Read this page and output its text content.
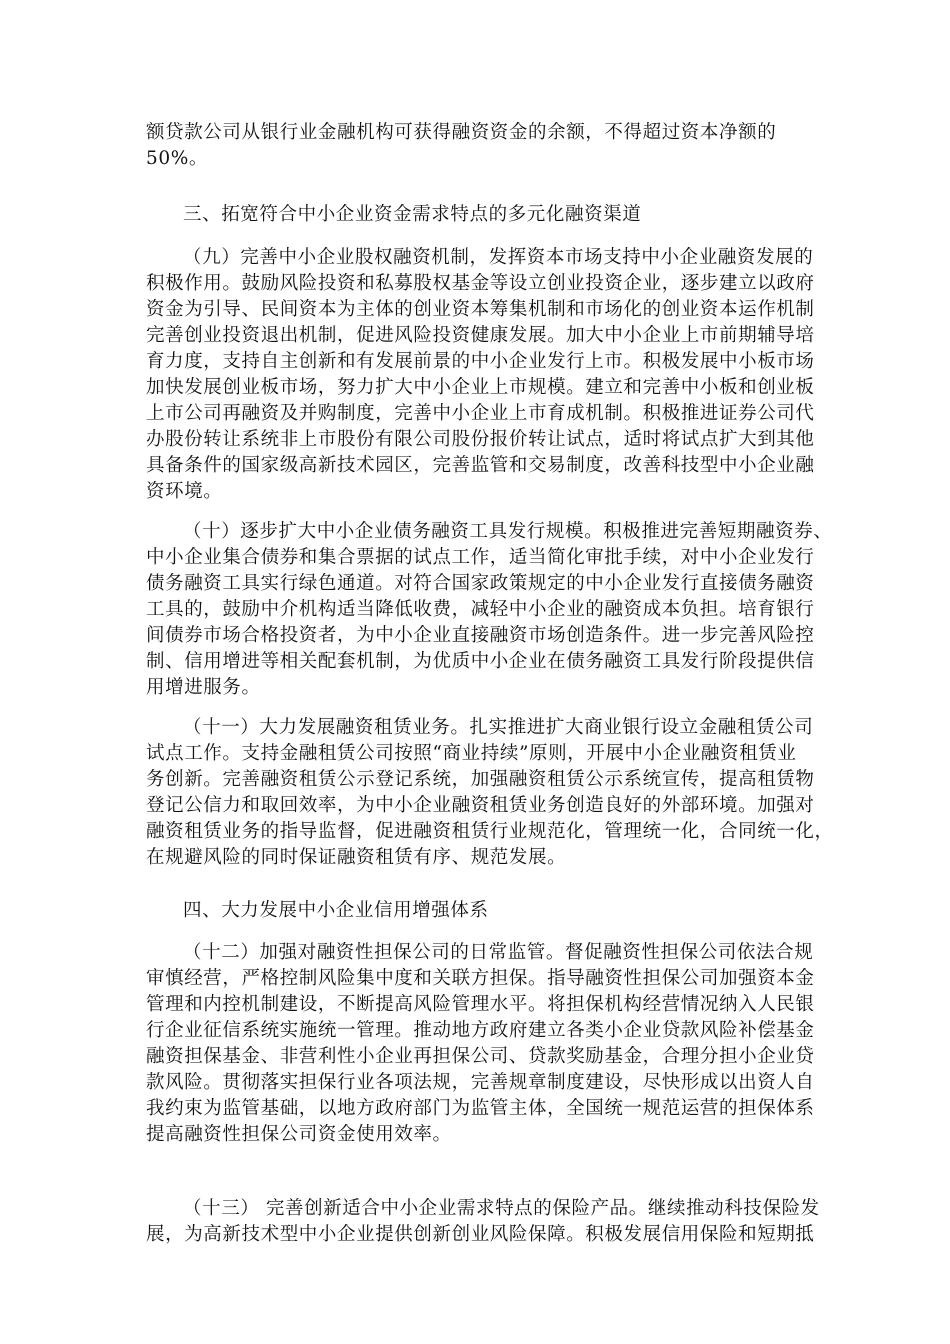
额贷款公司从银行业金融机构可获得融资资金的余额，不得超过资本净额的
50%。
三、拓宽符合中小企业资金需求特点的多元化融资渠道
（九）完善中小企业股权融资机制，发挥资本市场支持中小企业融资发展的
积极作用。鼓励风险投资和私募股权基金等设立创业投资企业，逐步建立以政府
资金为引导、民间资本为主体的创业资本筹集机制和市场化的创业资本运作机制
完善创业投资退出机制，促进风险投资健康发展。加大中小企业上市前期辅导培
育力度，支持自主创新和有发展前景的中小企业发行上市。积极发展中小板市场
加快发展创业板市场，努力扩大中小企业上市规模。建立和完善中小板和创业板
上市公司再融资及并购制度，完善中小企业上市育成机制。积极推进证券公司代
办股份转让系统非上市股份有限公司股份报价转让试点，适时将试点扩大到其他
具备条件的国家级高新技术园区，完善监管和交易制度，改善科技型中小企业融
资环境。
（十）逐步扩大中小企业债务融资工具发行规模。积极推进完善短期融资券、
中小企业集合债券和集合票据的试点工作，适当简化审批手续，对中小企业发行
债务融资工具实行绿色通道。对符合国家政策规定的中小企业发行直接债务融资
工具的，鼓励中介机构适当降低收费，减轻中小企业的融资成本负担。培育银行
间债券市场合格投资者，为中小企业直接融资市场创造条件。进一步完善风险控
制、信用增进等相关配套机制，为优质中小企业在债务融资工具发行阶段提供信
用增进服务。
（十一）大力发展融资租赁业务。扎实推进扩大商业银行设立金融租赁公司
试点工作。支持金融租赁公司按照“商业持续”原则，开展中小企业融资租赁业
务创新。完善融资租赁公示登记系统，加强融资租赁公示系统宣传，提高租赁物
登记公信力和取回效率，为中小企业融资租赁业务创造良好的外部环境。加强对
融资租赁业务的指导监督，促进融资租赁行业规范化，管理统一化，合同统一化，
在规避风险的同时保证融资租赁有序、规范发展。
四、大力发展中小企业信用增强体系
（十二）加强对融资性担保公司的日常监管。督促融资性担保公司依法合规
审慎经营，严格控制风险集中度和关联方担保。指导融资性担保公司加强资本金
管理和内控机制建设，不断提高风险管理水平。将担保机构经营情况纳入人民银
行企业征信系统实施统一管理。推动地方政府建立各类小企业贷款风险补偿基金
融资担保基金、非营利性小企业再担保公司、贷款奖励基金，合理分担小企业贷
款风险。贯彻落实担保行业各项法规，完善规章制度建设，尽快形成以出资人自
我约束为监管基础，以地方政府部门为监管主体，全国统一规范运营的担保体系
提高融资性担保公司资金使用效率。
（十三） 完善创新适合中小企业需求特点的保险产品。继续推动科技保险发
展，为高新技术型中小企业提供创新创业风险保障。积极发展信用保险和短期抵
